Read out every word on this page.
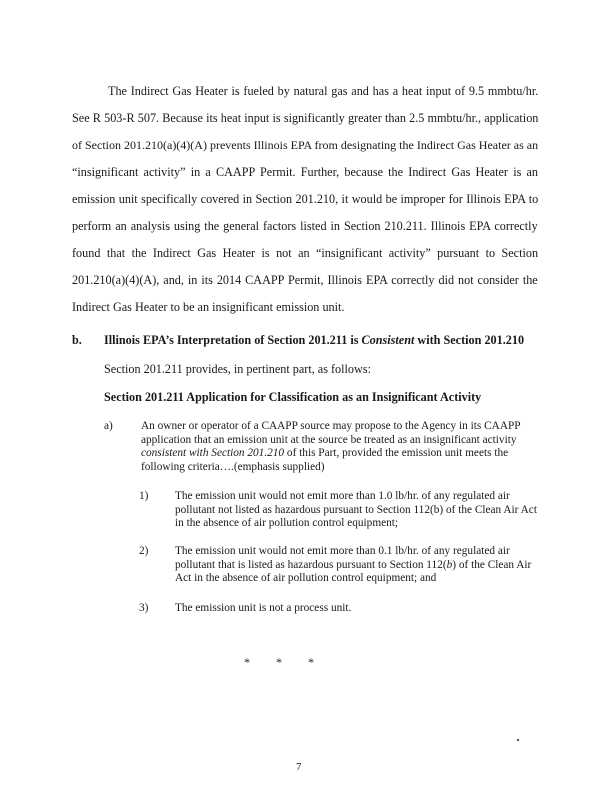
The Indirect Gas Heater is fueled by natural gas and has a heat input of 9.5 mmbtu/hr.

See R 503-R 507. Because its heat input is significantly greater than 2.5 mmbtu/hr., application

of Section 201.210(a)(4)(A) prevents Illinois EPA from designating the Indirect Gas Heater as an

“insignificant activity” in a CAAPP Permit. Further, because the Indirect Gas Heater is an

emission unit specifically covered in Section 201.210, it would be improper for Illinois EPA to

perform an analysis using the general factors listed in Section 210.211. Illinois EPA correctly

found that the Indirect Gas Heater is not an “insignificant activity” pursuant to Section

201.210(a)(4)(A), and, in its 2014 CAAPP Permit, Illinois EPA correctly did not consider the

Indirect Gas Heater to be an insignificant emission unit.

b. Illinois EPA’s Interpretation of Section 201.211 is Consistent with Section 201.210

Section 201.211 provides, in pertinent part, as follows:

Section 201.211 Application for Classification as an Insignificant Activity

a) An owner or operator of a CAAPP source may propose to the Agency in its CAAPP application that an emission unit at the source be treated as an insignificant activity consistent with Section 201.210 of this Part, provided the emission unit meets the following criteria….(emphasis supplied)
1) The emission unit would not emit more than 1.0 lb/hr. of any regulated air pollutant not listed as hazardous pursuant to Section 112(b) of the Clean Air Act in the absence of air pollution control equipment;
2) The emission unit would not emit more than 0.1 lb/hr. of any regulated air pollutant that is listed as hazardous pursuant to Section 112(b) of the Clean Air Act in the absence of air pollution control equipment; and
3) The emission unit is not a process unit.
* * *
7
